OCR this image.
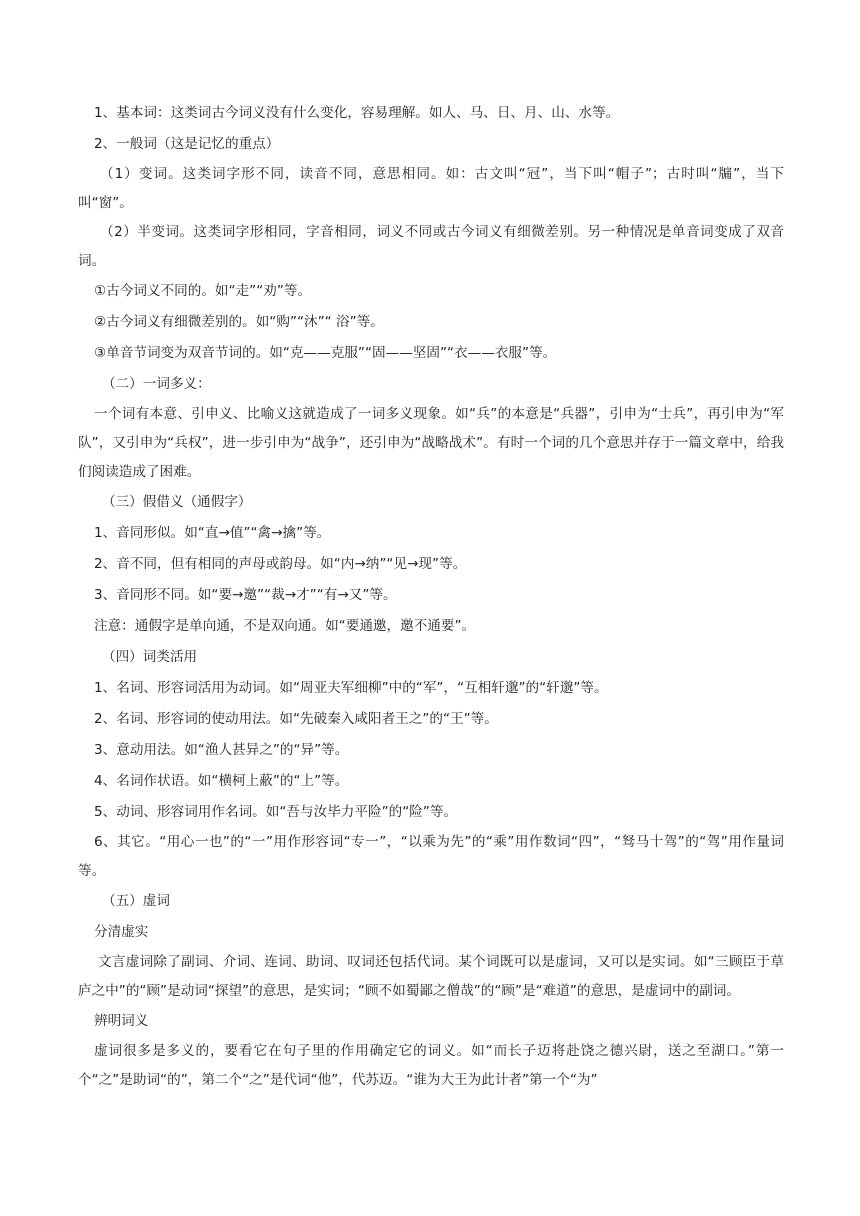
1、基本词：这类词古今词义没有什么变化，容易理解。如人、马、日、月、山、水等。

2、一般词（这是记忆的重点）

（1）变词。这类词字形不同，读音不同，意思相同。如：古文叫“冠”，当下叫“帽子”；古时叫“牖”，当下叫“窗”。

（2）半变词。这类词字形相同，字音相同，词义不同或古今词义有细微差别。另一种情况是单音词变成了双音词。

①古今词义不同的。如“走”“劝”等。

②古今词义有细微差别的。如“购”“沐”“ 浴”等。

③单音节词变为双音节词的。如“克——克服”“固——坚固”“衣——衣服”等。

（二）一词多义：

一个词有本意、引申义、比喻义这就造成了一词多义现象。如“兵”的本意是“兵器”，引申为“士兵”，再引申为“军队”，又引申为“兵权”，进一步引申为“战争”，还引申为“战略战术”。有时一个词的几个意思并存于一篇文章中，给我们阅读造成了困难。

（三）假借义（通假字）

1、音同形似。如“直→值”“禽→擒”等。

2、音不同，但有相同的声母或韵母。如“内→纳”“见→现”等。

3、音同形不同。如“要→邀”“裁→才”“有→又”等。

注意：通假字是单向通，不是双向通。如“要通邀，邀不通要”。

（四）词类活用

1、名词、形容词活用为动词。如“周亚夫军细柳”中的“军”，“互相轩邈”的“轩邈”等。

2、名词、形容词的使动用法。如“先破秦入咸阳者王之”的“王”等。

3、意动用法。如“渔人甚异之”的“异”等。

4、名词作状语。如“横柯上蔽”的“上”等。

5、动词、形容词用作名词。如“吾与汝毕力平险”的“险”等。

6、其它。“用心一也”的“一”用作形容词“专一”，“以乘为先”的“乘”用作数词“四”，“驽马十驾”的“驾”用作量词等。

（五）虚词

分清虚实

文言虚词除了副词、介词、连词、助词、叹词还包括代词。某个词既可以是虚词，又可以是实词。如“三顾臣于草庐之中”的“顾”是动词“探望”的意思，是实词；“顾不如蜀鄙之僧哉”的“顾”是“难道”的意思，是虚词中的副词。

辨明词义

虚词很多是多义的，要看它在句子里的作用确定它的词义。如“而长子迈将赴饶之德兴尉，送之至湖口。”第一个“之”是助词“的”，第二个“之”是代词“他”，代苏迈。“谁为大王为此计者”第一个“为”
